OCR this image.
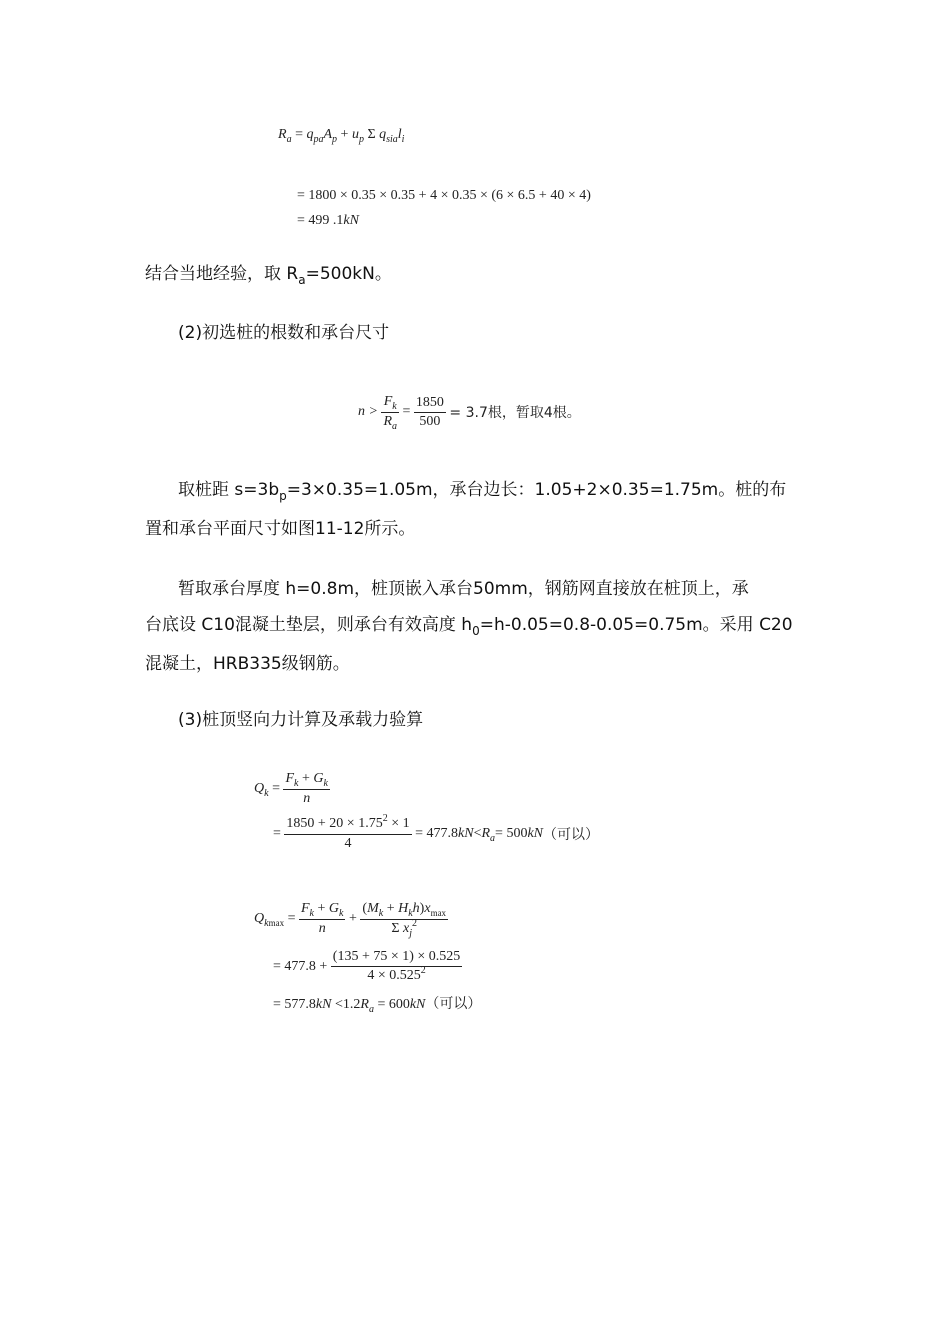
$R_a = q_{pa}A_p + u_p$ Σ $q_{sia}l_i$
= 1800 × 0.35 × 0.35 + 4 × 0.35 × (6 × 6.5 + 40 × 4)
= 499 .1kN
结合当地经验，取 $R_a=500kN$。
(2)初选桩的根数和承台尺寸
n >
$\frac{F_k}{R_a} = \frac{1850}{500}$
= 3.7根，暂取4根。
取桩距 $s=3b_p=3\times 0.35=1.05m$，承台边长：1.05+2×0.35=1.75m。桩的布
置和承台平面尺寸如图11-12所示。
暂取承台厚度 h=0.8m，桩顶嵌入承台50mm，钢筋网直接放在桩顶上，承
台底设 C10混凝土垫层，则承台有效高度 $h_0=h-0.05=0.8-0.05=0.75m$。采用 C20
混凝土，HRB335级钢筋。
(3)桩顶竖向力计算及承载力验算
$Q_k = \frac{F_k + G_k}{n}$
= $\frac{1850 + 20 \times 1.75^2 \times 1}{4} = 477.8$ kN < $R_a = 500$ kN （可以）
$Q_k$ $\max = \frac{F_k + G_k}{n} + \frac{(M_k + H_kh)x_{max}}{\Sigma x_j^2}$
= 477.8 +
$\frac{(135 + 75 \times 1) \times 0.525}{4 \times 0.525^2}$
= $577.8kN <1.2R_a = 600kN$（可以）
